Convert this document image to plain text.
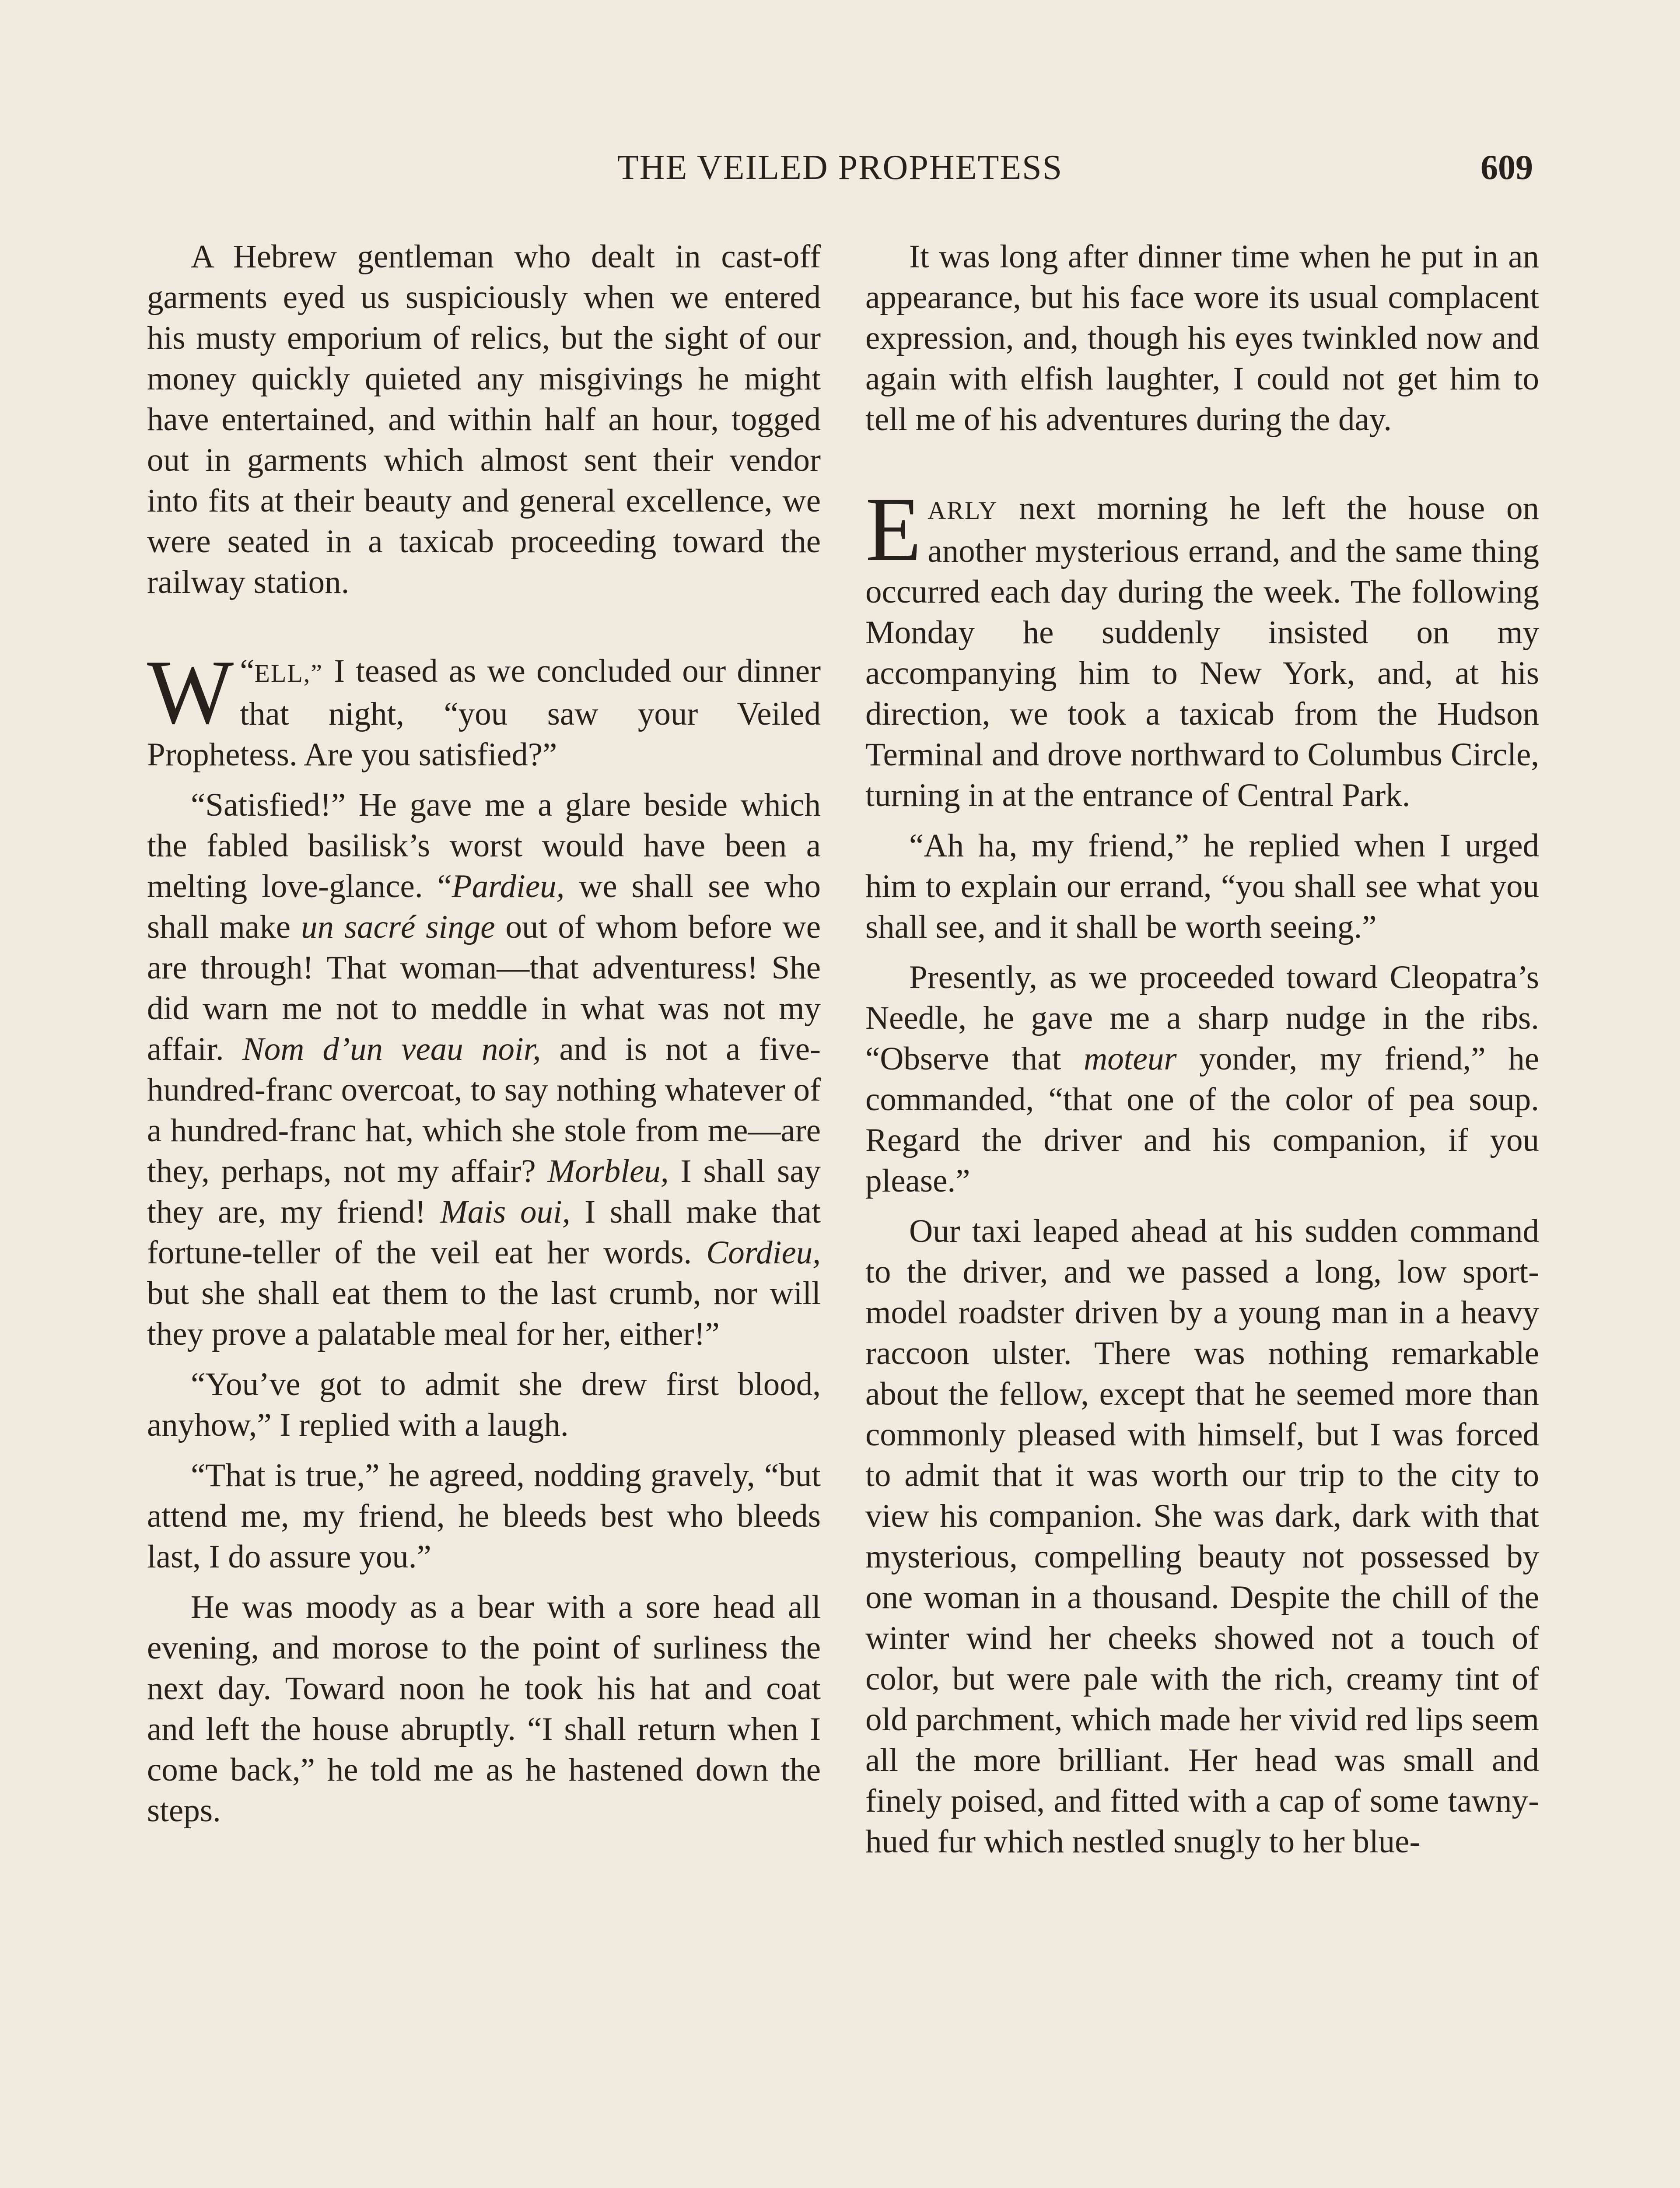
THE VEILED PROPHETESS	609

A Hebrew gentleman who dealt in cast-off garments eyed us suspiciously when we entered his musty emporium of relics, but the sight of our money quickly quieted any misgivings he might have entertained, and within half an hour, togged out in garments which almost sent their vendor into fits at their beauty and general excellence, we were seated in a taxicab proceeding toward the railway station.

“
W ELL,” I teased as we concluded our dinner that night, “you saw your Veiled Prophetess. Are you satisfied?”

“Satisfied!” He gave me a glare beside which the fabled basilisk’s worst would have been a melting love-glance. “Pardieu, we shall see who shall make un sacré singe out of whom before we are through! That woman—that adventuress! She did warn me not to meddle in what was not my affair. Nom d’un veau noir, and is not a five-hundred-franc overcoat, to say nothing whatever of a hundred-franc hat, which she stole from me—are they, perhaps, not my affair? Morbleu, I shall say they are, my friend! Mais oui, I shall make that fortune-teller of the veil eat her words. Cordieu, but she shall eat them to the last crumb, nor will they prove a palatable meal for her, either!”

“You’ve got to admit she drew first blood, anyhow,” I replied with a laugh.

“That is true,” he agreed, nodding gravely, “but attend me, my friend, he bleeds best who bleeds last, I do assure you.”

He was moody as a bear with a sore head all evening, and morose to the point of surliness the next day. Toward noon he took his hat and coat and left the house abruptly. “I shall return when I come back,” he told me as he hastened down the steps.

It was long after dinner time when he put in an appearance, but his face wore its usual complacent expression, and, though his eyes twinkled now and again with elfish laughter, I could not get him to tell me of his adventures during the day.

EARLY next morning he left the house on another mysterious errand, and the same thing occurred each day during the week. The following Monday he suddenly insisted on my accompanying him to New York, and, at his direction, we took a taxicab from the Hudson Terminal and drove northward to Columbus Circle, turning in at the entrance of Central Park.

“Ah ha, my friend,” he replied when I urged him to explain our errand, “you shall see what you shall see, and it shall be worth seeing.”

Presently, as we proceeded toward Cleopatra’s Needle, he gave me a sharp nudge in the ribs. “Observe that moteur yonder, my friend,” he commanded, “that one of the color of pea soup. Regard the driver and his companion, if you please.”

Our taxi leaped ahead at his sudden command to the driver, and we passed a long, low sport-model roadster driven by a young man in a heavy raccoon ulster. There was nothing remarkable about the fellow, except that he seemed more than commonly pleased with himself, but I was forced to admit that it was worth our trip to the city to view his companion. She was dark, dark with that mysterious, compelling beauty not possessed by one woman in a thousand. Despite the chill of the winter wind her cheeks showed not a touch of color, but were pale with the rich, creamy tint of old parchment, which made her vivid red lips seem all the more brilliant. Her head was small and finely poised, and fitted with a cap of some tawny-hued fur which nestled snugly to her blue-
